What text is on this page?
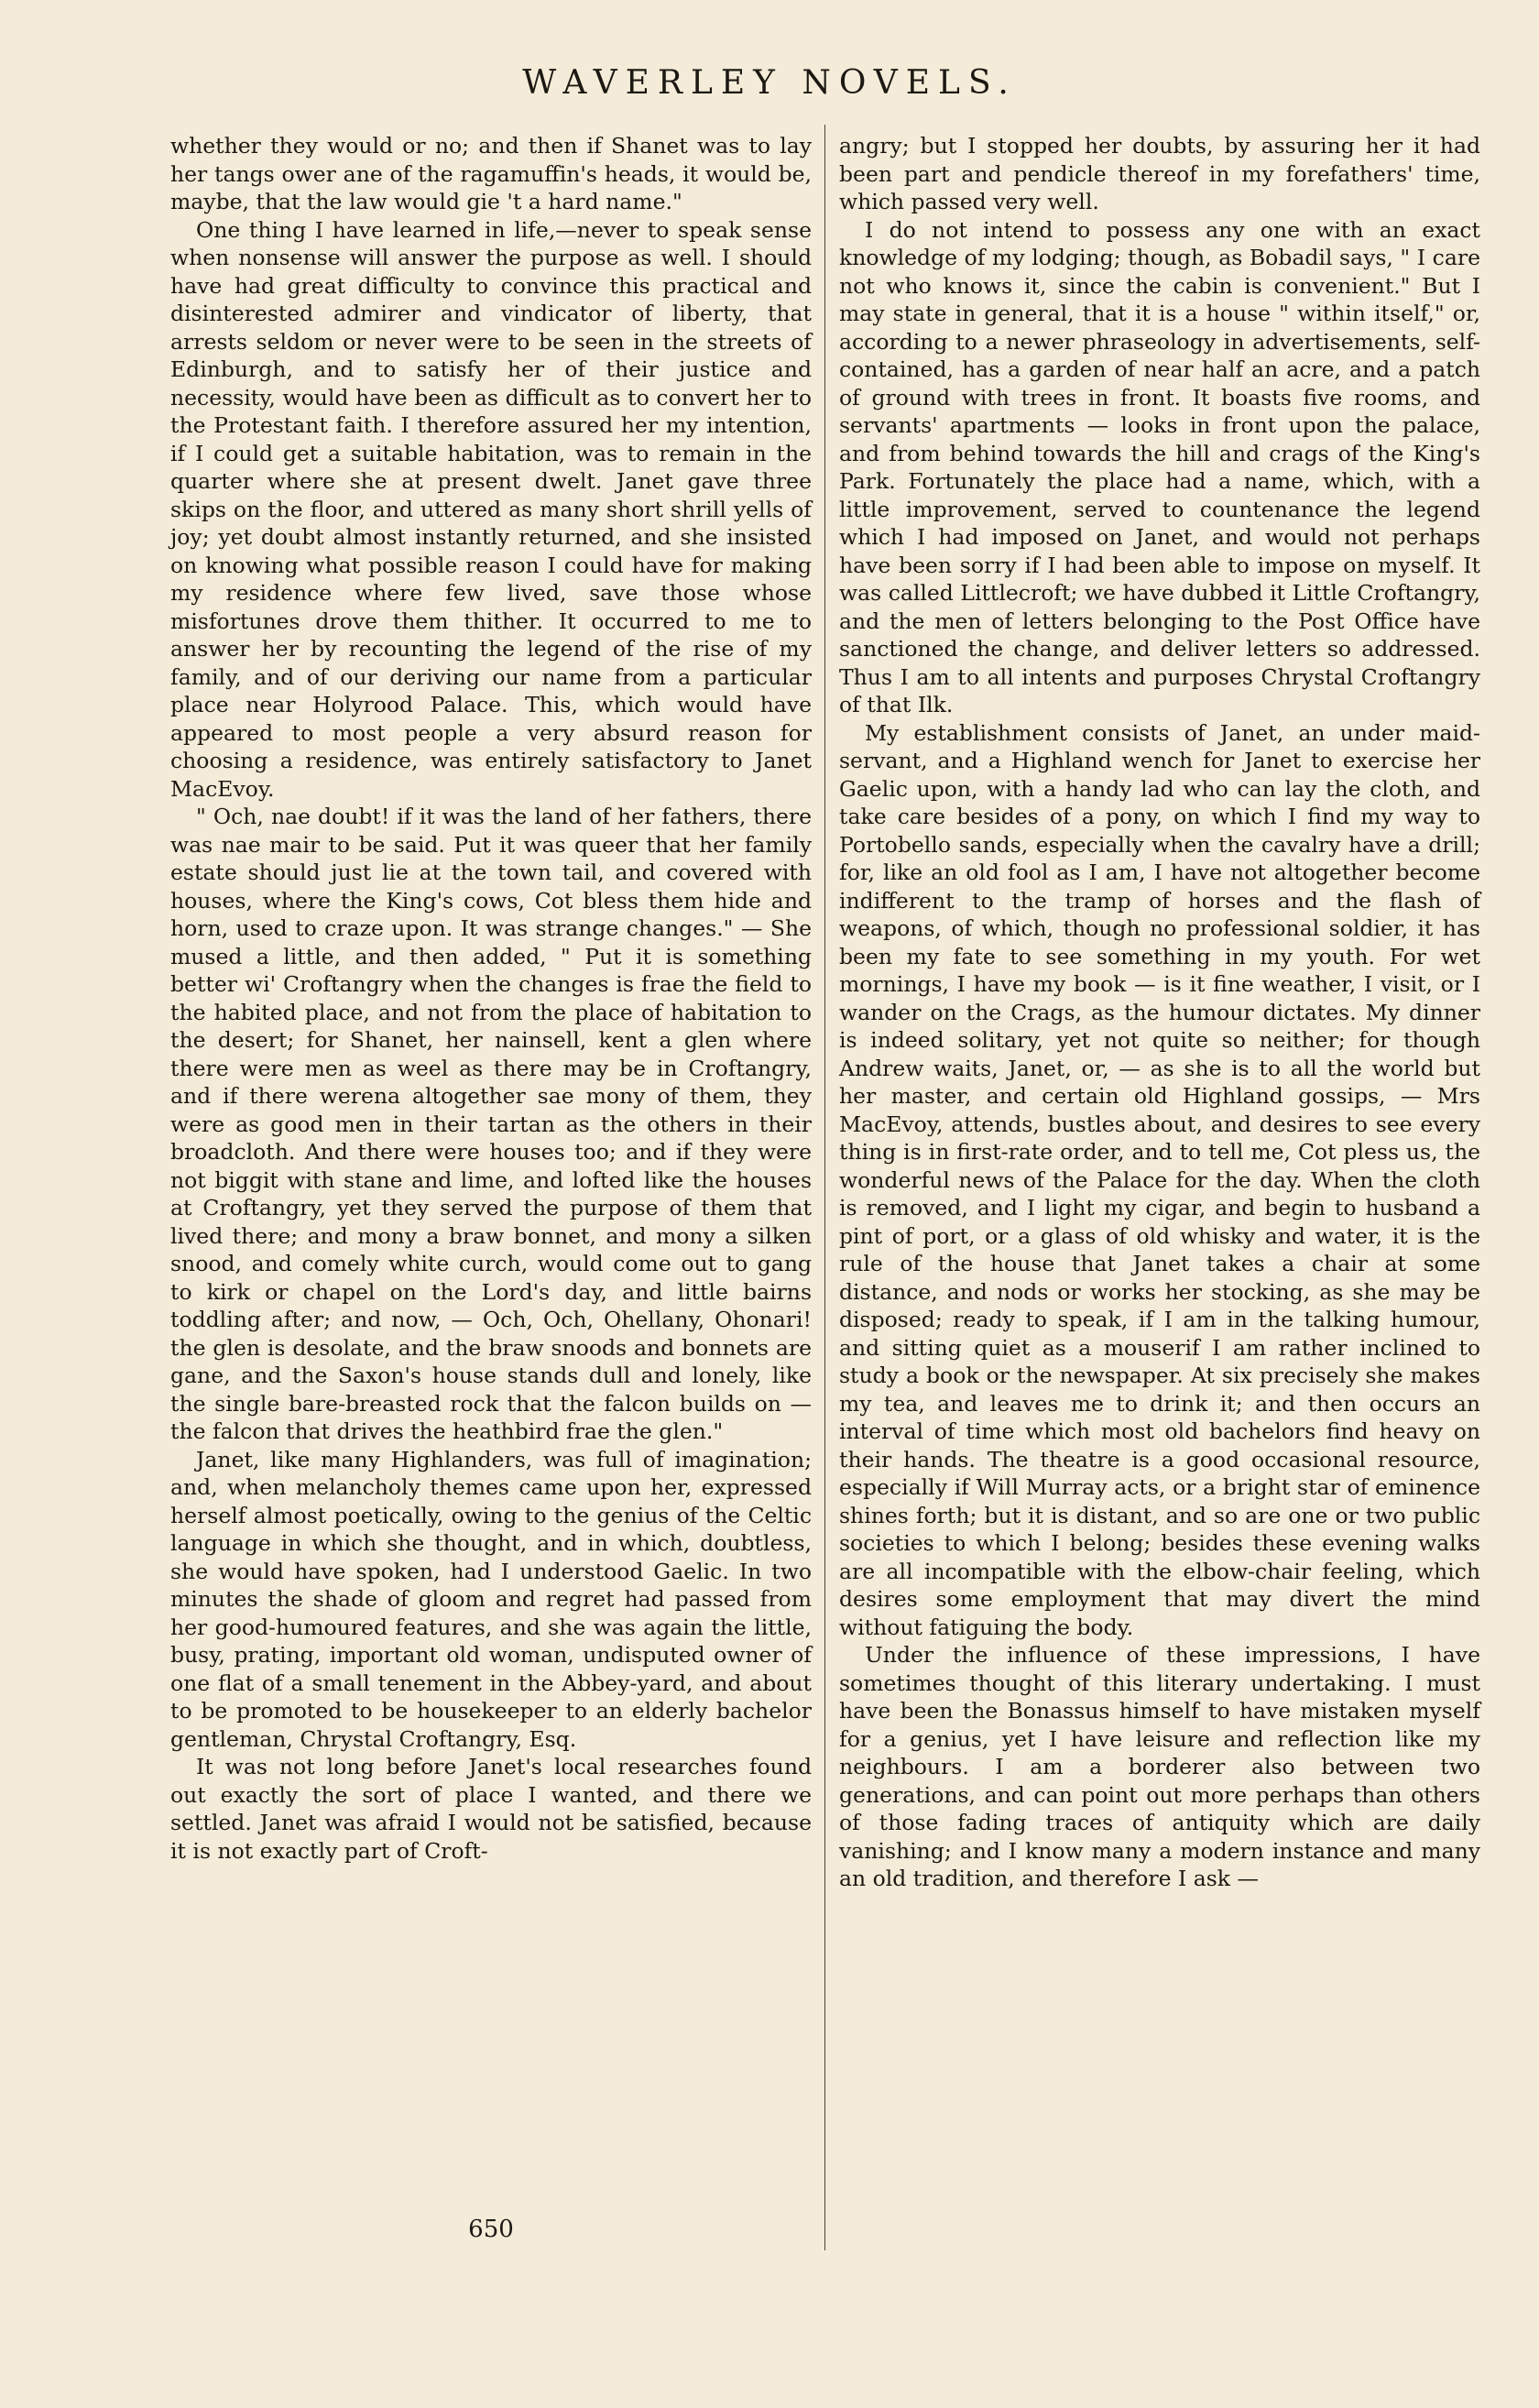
WAVERLEY NOVELS.

whether they would or no; and then if Shanet was to lay her tangs ower ane of the ragamuffin's heads, it would be, maybe, that the law would gie 't a hard name."

One thing I have learned in life,—never to speak sense when nonsense will answer the purpose as well. I should have had great difficulty to convince this practical and disinterested admirer and vindicator of liberty, that arrests seldom or never were to be seen in the streets of Edinburgh, and to satisfy her of their justice and necessity, would have been as difficult as to convert her to the Protestant faith. I therefore assured her my intention, if I could get a suitable habitation, was to remain in the quarter where she at present dwelt. Janet gave three skips on the floor, and uttered as many short shrill yells of joy; yet doubt almost instantly returned, and she insisted on knowing what possible reason I could have for making my residence where few lived, save those whose misfortunes drove them thither. It occurred to me to answer her by recounting the legend of the rise of my family, and of our deriving our name from a particular place near Holyrood Palace. This, which would have appeared to most people a very absurd reason for choosing a residence, was entirely satisfactory to Janet MacEvoy.

" Och, nae doubt! if it was the land of her fathers, there was nae mair to be said. Put it was queer that her family estate should just lie at the town tail, and covered with houses, where the King's cows, Cot bless them hide and horn, used to craze upon. It was strange changes." — She mused a little, and then added, " Put it is something better wi' Croftangry when the changes is frae the field to the habited place, and not from the place of habitation to the desert; for Shanet, her nainsell, kent a glen where there were men as weel as there may be in Croftangry, and if there werena altogether sae mony of them, they were as good men in their tartan as the others in their broadcloth. And there were houses too; and if they were not biggit with stane and lime, and lofted like the houses at Croftangry, yet they served the purpose of them that lived there; and mony a braw bonnet, and mony a silken snood, and comely white curch, would come out to gang to kirk or chapel on the Lord's day, and little bairns toddling after; and now, — Och, Och, Ohellany, Ohonari! the glen is desolate, and the braw snoods and bonnets are gane, and the Saxon's house stands dull and lonely, like the single bare-breasted rock that the falcon builds on — the falcon that drives the heathbird frae the glen."

Janet, like many Highlanders, was full of imagination; and, when melancholy themes came upon her, expressed herself almost poetically, owing to the genius of the Celtic language in which she thought, and in which, doubtless, she would have spoken, had I understood Gaelic. In two minutes the shade of gloom and regret had passed from her good-humoured features, and she was again the little, busy, prating, important old woman, undisputed owner of one flat of a small tenement in the Abbey-yard, and about to be promoted to be housekeeper to an elderly bachelor gentleman, Chrystal Croftangry, Esq.

It was not long before Janet's local researches found out exactly the sort of place I wanted, and there we settled. Janet was afraid I would not be satisfied, because it is not exactly part of Croft-

angry; but I stopped her doubts, by assuring her it had been part and pendicle thereof in my forefathers' time, which passed very well.

I do not intend to possess any one with an exact knowledge of my lodging; though, as Bobadil says, " I care not who knows it, since the cabin is convenient." But I may state in general, that it is a house " within itself," or, according to a newer phraseology in advertisements, self-contained, has a garden of near half an acre, and a patch of ground with trees in front. It boasts five rooms, and servants' apartments — looks in front upon the palace, and from behind towards the hill and crags of the King's Park. Fortunately the place had a name, which, with a little improvement, served to countenance the legend which I had imposed on Janet, and would not perhaps have been sorry if I had been able to impose on myself. It was called Littlecroft; we have dubbed it Little Croftangry, and the men of letters belonging to the Post Office have sanctioned the change, and deliver letters so addressed. Thus I am to all intents and purposes Chrystal Croftangry of that Ilk.

My establishment consists of Janet, an under maid-servant, and a Highland wench for Janet to exercise her Gaelic upon, with a handy lad who can lay the cloth, and take care besides of a pony, on which I find my way to Portobello sands, especially when the cavalry have a drill; for, like an old fool as I am, I have not altogether become indifferent to the tramp of horses and the flash of weapons, of which, though no professional soldier, it has been my fate to see something in my youth. For wet mornings, I have my book — is it fine weather, I visit, or I wander on the Crags, as the humour dictates. My dinner is indeed solitary, yet not quite so neither; for though Andrew waits, Janet, or, — as she is to all the world but her master, and certain old Highland gossips, — Mrs MacEvoy, attends, bustles about, and desires to see every thing is in first-rate order, and to tell me, Cot pless us, the wonderful news of the Palace for the day. When the cloth is removed, and I light my cigar, and begin to husband a pint of port, or a glass of old whisky and water, it is the rule of the house that Janet takes a chair at some distance, and nods or works her stocking, as she may be disposed; ready to speak, if I am in the talking humour, and sitting quiet as a mouserif I am rather inclined to study a book or the newspaper. At six precisely she makes my tea, and leaves me to drink it; and then occurs an interval of time which most old bachelors find heavy on their hands. The theatre is a good occasional resource, especially if Will Murray acts, or a bright star of eminence shines forth; but it is distant, and so are one or two public societies to which I belong; besides these evening walks are all incompatible with the elbow-chair feeling, which desires some employment that may divert the mind without fatiguing the body.

Under the influence of these impressions, I have sometimes thought of this literary undertaking. I must have been the Bonassus himself to have mistaken myself for a genius, yet I have leisure and reflection like my neighbours. I am a borderer also between two generations, and can point out more perhaps than others of those fading traces of antiquity which are daily vanishing; and I know many a modern instance and many an old tradition, and therefore I ask —

650
